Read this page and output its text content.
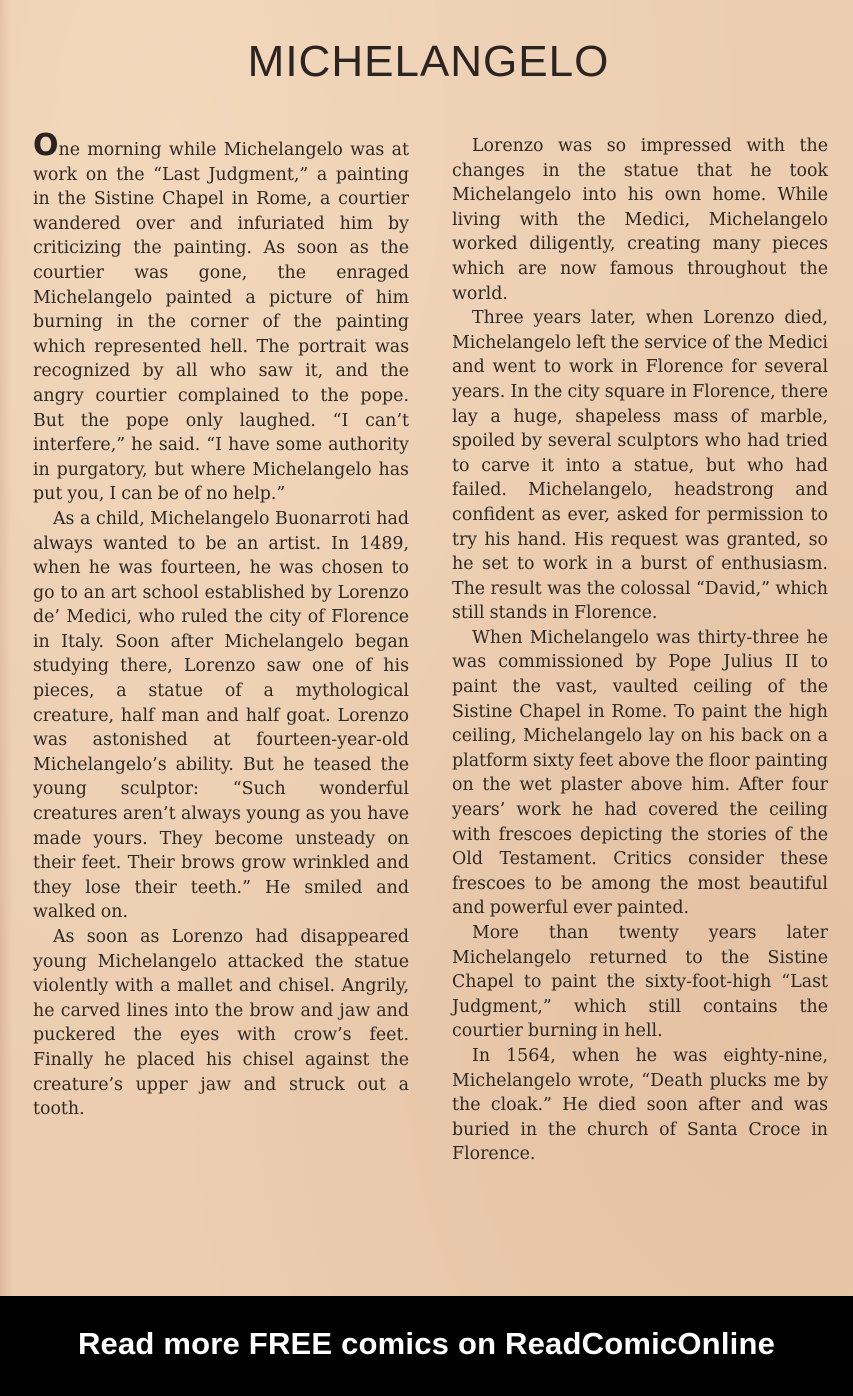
MICHELANGELO

One morning while Michelangelo was at work on the “Last Judgment,” a painting in the Sistine Chapel in Rome, a courtier wandered over and infuriated him by criticizing the painting. As soon as the courtier was gone, the enraged Michelangelo painted a picture of him burning in the corner of the painting which represented hell. The portrait was recognized by all who saw it, and the angry courtier complained to the pope. But the pope only laughed. “I can’t interfere,” he said. “I have some authority in purgatory, but where Michelangelo has put you, I can be of no help.”

As a child, Michelangelo Buonarroti had always wanted to be an artist. In 1489, when he was fourteen, he was chosen to go to an art school established by Lorenzo de’ Medici, who ruled the city of Florence in Italy. Soon after Michelangelo began studying there, Lorenzo saw one of his pieces, a statue of a mythological creature, half man and half goat. Lorenzo was astonished at fourteen-year-old Michelangelo’s ability. But he teased the young sculptor: “Such wonderful creatures aren’t always young as you have made yours. They become unsteady on their feet. Their brows grow wrinkled and they lose their teeth.” He smiled and walked on.

As soon as Lorenzo had disappeared young Michelangelo attacked the statue violently with a mallet and chisel. Angrily, he carved lines into the brow and jaw and puckered the eyes with crow’s feet. Finally he placed his chisel against the creature’s upper jaw and struck out a tooth.

Lorenzo was so impressed with the changes in the statue that he took Michelangelo into his own home. While living with the Medici, Michelangelo worked diligently, creating many pieces which are now famous throughout the world.

Three years later, when Lorenzo died, Michelangelo left the service of the Medici and went to work in Florence for several years. In the city square in Florence, there lay a huge, shapeless mass of marble, spoiled by several sculptors who had tried to carve it into a statue, but who had failed. Michelangelo, headstrong and confident as ever, asked for permission to try his hand. His request was granted, so he set to work in a burst of enthusiasm. The result was the colossal “David,” which still stands in Florence.

When Michelangelo was thirty-three he was commissioned by Pope Julius II to paint the vast, vaulted ceiling of the Sistine Chapel in Rome. To paint the high ceiling, Michelangelo lay on his back on a platform sixty feet above the floor painting on the wet plaster above him. After four years’ work he had covered the ceiling with frescoes depicting the stories of the Old Testament. Critics consider these frescoes to be among the most beautiful and powerful ever painted.

More than twenty years later Michelangelo returned to the Sistine Chapel to paint the sixty-foot-high “Last Judgment,” which still contains the courtier burning in hell.

In 1564, when he was eighty-nine, Michelangelo wrote, “Death plucks me by the cloak.” He died soon after and was buried in the church of Santa Croce in Florence.

Read more FREE comics on ReadComicOnline
